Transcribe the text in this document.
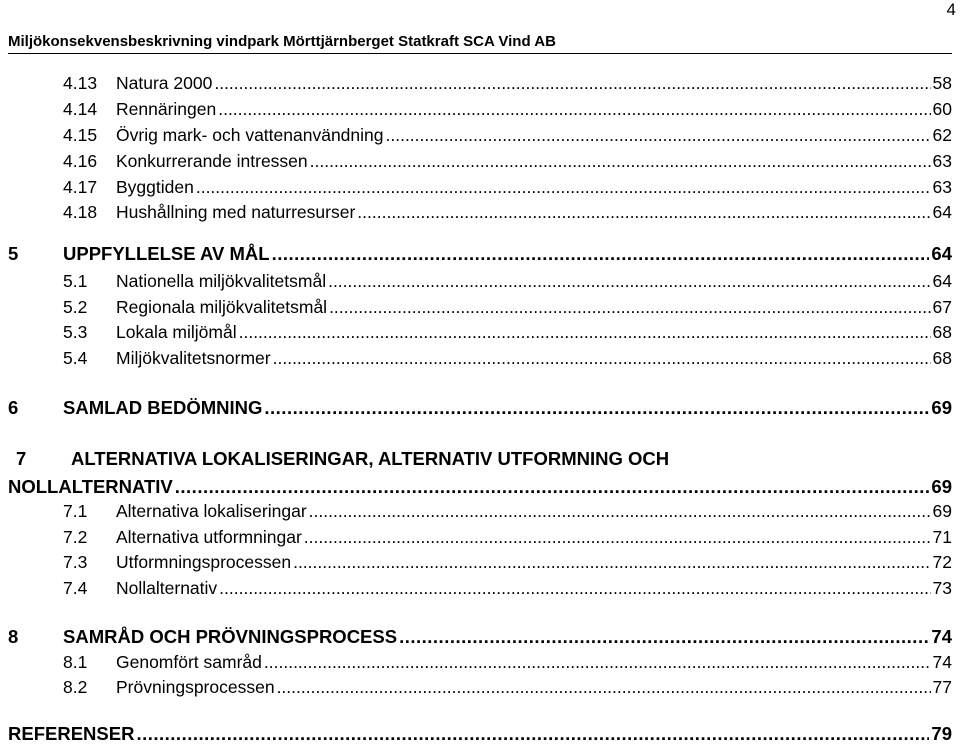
4
Miljökonsekvensbeskrivning vindpark Mörttjärnberget Statkraft SCA Vind AB
4.13 Natura 2000 .....	58
4.14 Rennäringen .....	60
4.15 Övrig mark- och vattenanvändning .....	62
4.16 Konkurrerande intressen .....	63
4.17 Byggtiden .....	63
4.18 Hushållning med naturresurser .....	64
5 UPPFYLLELSE AV MÅL .....	64
5.1 Nationella miljökvalitetsmål .....	64
5.2 Regionala miljökvalitetsmål .....	67
5.3 Lokala miljömål .....	68
5.4 Miljökvalitetsnormer .....	68
6 SAMLAD BEDÖMNING .....	69
7 ALTERNATIVA LOKALISERINGAR, ALTERNATIV UTFORMNING OCH
NOLLALTERNATIV .....	69
7.1 Alternativa lokaliseringar .....	69
7.2 Alternativa utformningar .....	71
7.3 Utformningsprocessen .....	72
7.4 Nollalternativ .....	73
8 SAMRÅD OCH PRÖVNINGSPROCESS .....	74
8.1 Genomfört samråd .....	74
8.2 Prövningsprocessen .....	77
REFERENSER .....	79
